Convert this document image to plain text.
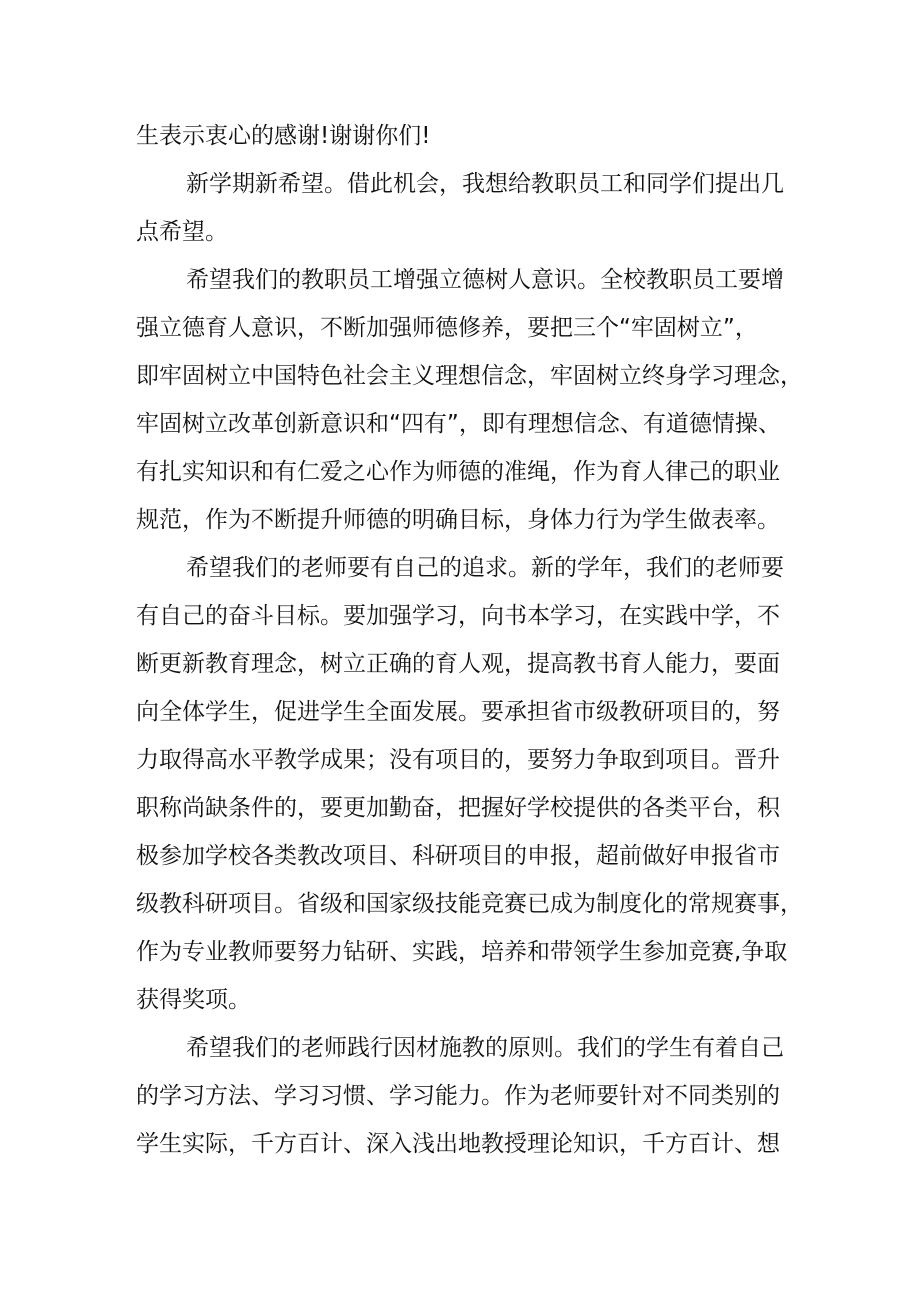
生表示衷心的感谢!谢谢你们!
新学期新希望。借此机会，我想给教职员工和同学们提出几
点希望。
希望我们的教职员工增强立德树人意识。全校教职员工要增
强立德育人意识，不断加强师德修养，要把三个“牢固树立”，
即牢固树立中国特色社会主义理想信念，牢固树立终身学习理念，
牢固树立改革创新意识和“四有”，即有理想信念、有道德情操、
有扎实知识和有仁爱之心作为师德的准绳，作为育人律己的职业
规范，作为不断提升师德的明确目标，身体力行为学生做表率。
希望我们的老师要有自己的追求。新的学年，我们的老师要
有自己的奋斗目标。要加强学习，向书本学习，在实践中学，不
断更新教育理念，树立正确的育人观，提高教书育人能力，要面
向全体学生，促进学生全面发展。要承担省市级教研项目的，努
力取得高水平教学成果；没有项目的，要努力争取到项目。晋升
职称尚缺条件的，要更加勤奋，把握好学校提供的各类平台，积
极参加学校各类教改项目、科研项目的申报，超前做好申报省市
级教科研项目。省级和国家级技能竞赛已成为制度化的常规赛事，
作为专业教师要努力钻研、实践，培养和带领学生参加竞赛,争取
获得奖项。
希望我们的老师践行因材施教的原则。我们的学生有着自己
的学习方法、学习习惯、学习能力。作为老师要针对不同类别的
学生实际，千方百计、深入浅出地教授理论知识，千方百计、想
